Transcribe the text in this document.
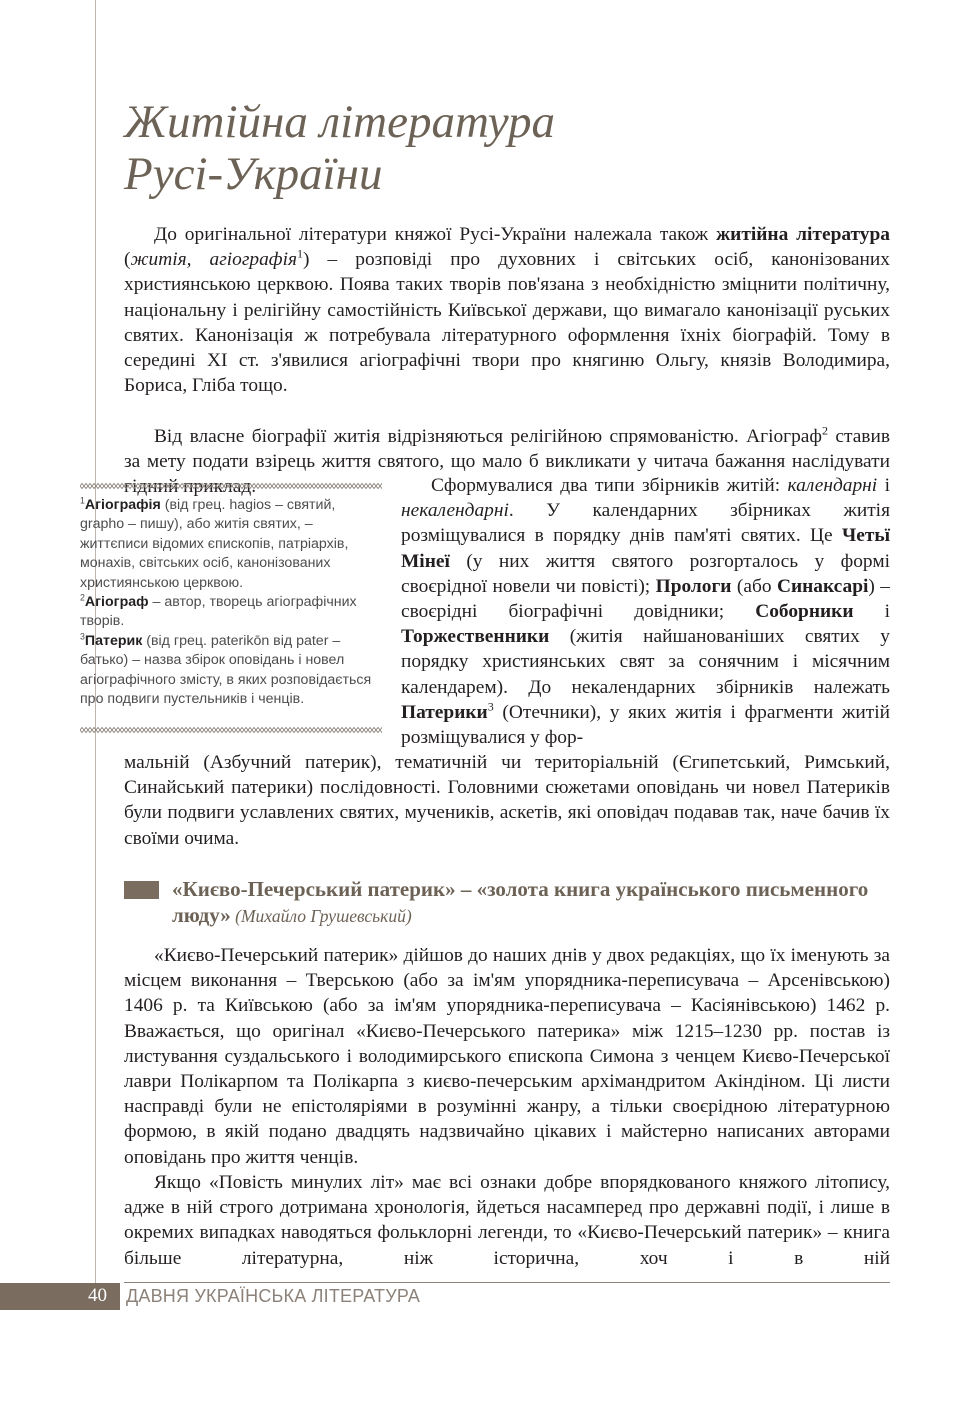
Житійна література
Русі-України

До оригінальної літератури княжої Русі-України належала також житійна література (житія, агіографія$^1$) – розповіді про духовних і світських осіб, канонізованих християнською церквою. Поява таких творів пов'язана з необхідністю зміцнити політичну, національну і релігійну самостійність Київської держави, що вимагало канонізації руських святих. Канонізація ж потребувала літературного оформлення їхніх біографій. Тому в середині XI ст. з'явилися агіографічні твори про княгиню Ольгу, князів Володимира, Бориса, Гліба тощо.

Від власне біографії житія відрізняються релігійною спрямованістю. Агіограф$^2$ ставив за мету подати взірець життя святого, що мало б викликати у читача бажання наслідувати

Сформувалися два типи збірників житій: календарні і некалендарні. У календарних збірниках житія розміщувалися в порядку днів пам'яті святих. Це Четьї Мінеї (у них життя святого розгорталось у формі своєрідної новели чи повісті); Прологи (або Синаксарі) – своєрідні біографічні довідники; Соборники і Торжественники (житія найшанованіших святих у порядку християнських свят за сонячним і місячним календарем). До некалендарних збірників належать Патерики$^3$ (Отечники), у яких житія і фрагменти житій розміщувалися у фор-

мальній (Азбучний патерик), тематичній чи територіальній (Єгипетський, Римський, Синайський патерики) послідовності. Головними сюжетами оповідань чи новел Патериків були подвиги уславлених святих, мучеників, аскетів, які оповідач подавав так, наче бачив їх своїми очима.

$^1$Агіографія (від грец. hagios – святий, grapho – пишу), або житія святих, – життєписи відомих єпископів, патріархів, монахів, світських осіб, канонізованих християнською церквою.

$^2$Агіограф – автор, творець агіографічних творів.

$^3$Патерик (від грец. paterikōn від pater – батько) – назва збірок оповідань і новел агіографічного змісту, в яких розповідається про подвиги пустельників і ченців.

«Києво-Печерський патерик» – «золота книга українського письменного люду» (Михайло Грушевський)

«Києво-Печерський патерик» дійшов до наших днів у двох редакціях, що їх іменують за місцем виконання – Тверською (або за ім'ям упорядника-переписувача – Арсенівською) 1406 р. та Київською (або за ім'ям упорядника-переписувача – Касіянівською) 1462 р. Вважається, що оригінал «Києво-Печерського патерика» між 1215–1230 рр. постав із листування суздальського і володимирського єпископа Симона з ченцем Києво-Печерської лаври Полікарпом та Полікарпа з києво-печерським архімандритом Акіндіном. Ці листи насправді були не епістоляріями в розумінні жанру, а тільки своєрідною літературною формою, в якій подано двадцять надзвичайно цікавих і майстерно написаних авторами оповідань про життя ченців.

Якщо «Повість минулих літ» має всі ознаки добре впорядкованого княжого літопису, адже в ній строго дотримана хронологія, йдеться насамперед про державні події, і лише в окремих випадках наводяться фольклорні легенди, то «Києво-Печерський патерик» – книга більше літературна, ніж історична, хоч і в ній

40 ДАВНЯ УКРАЇНСЬКА ЛІТЕРАТУРА
